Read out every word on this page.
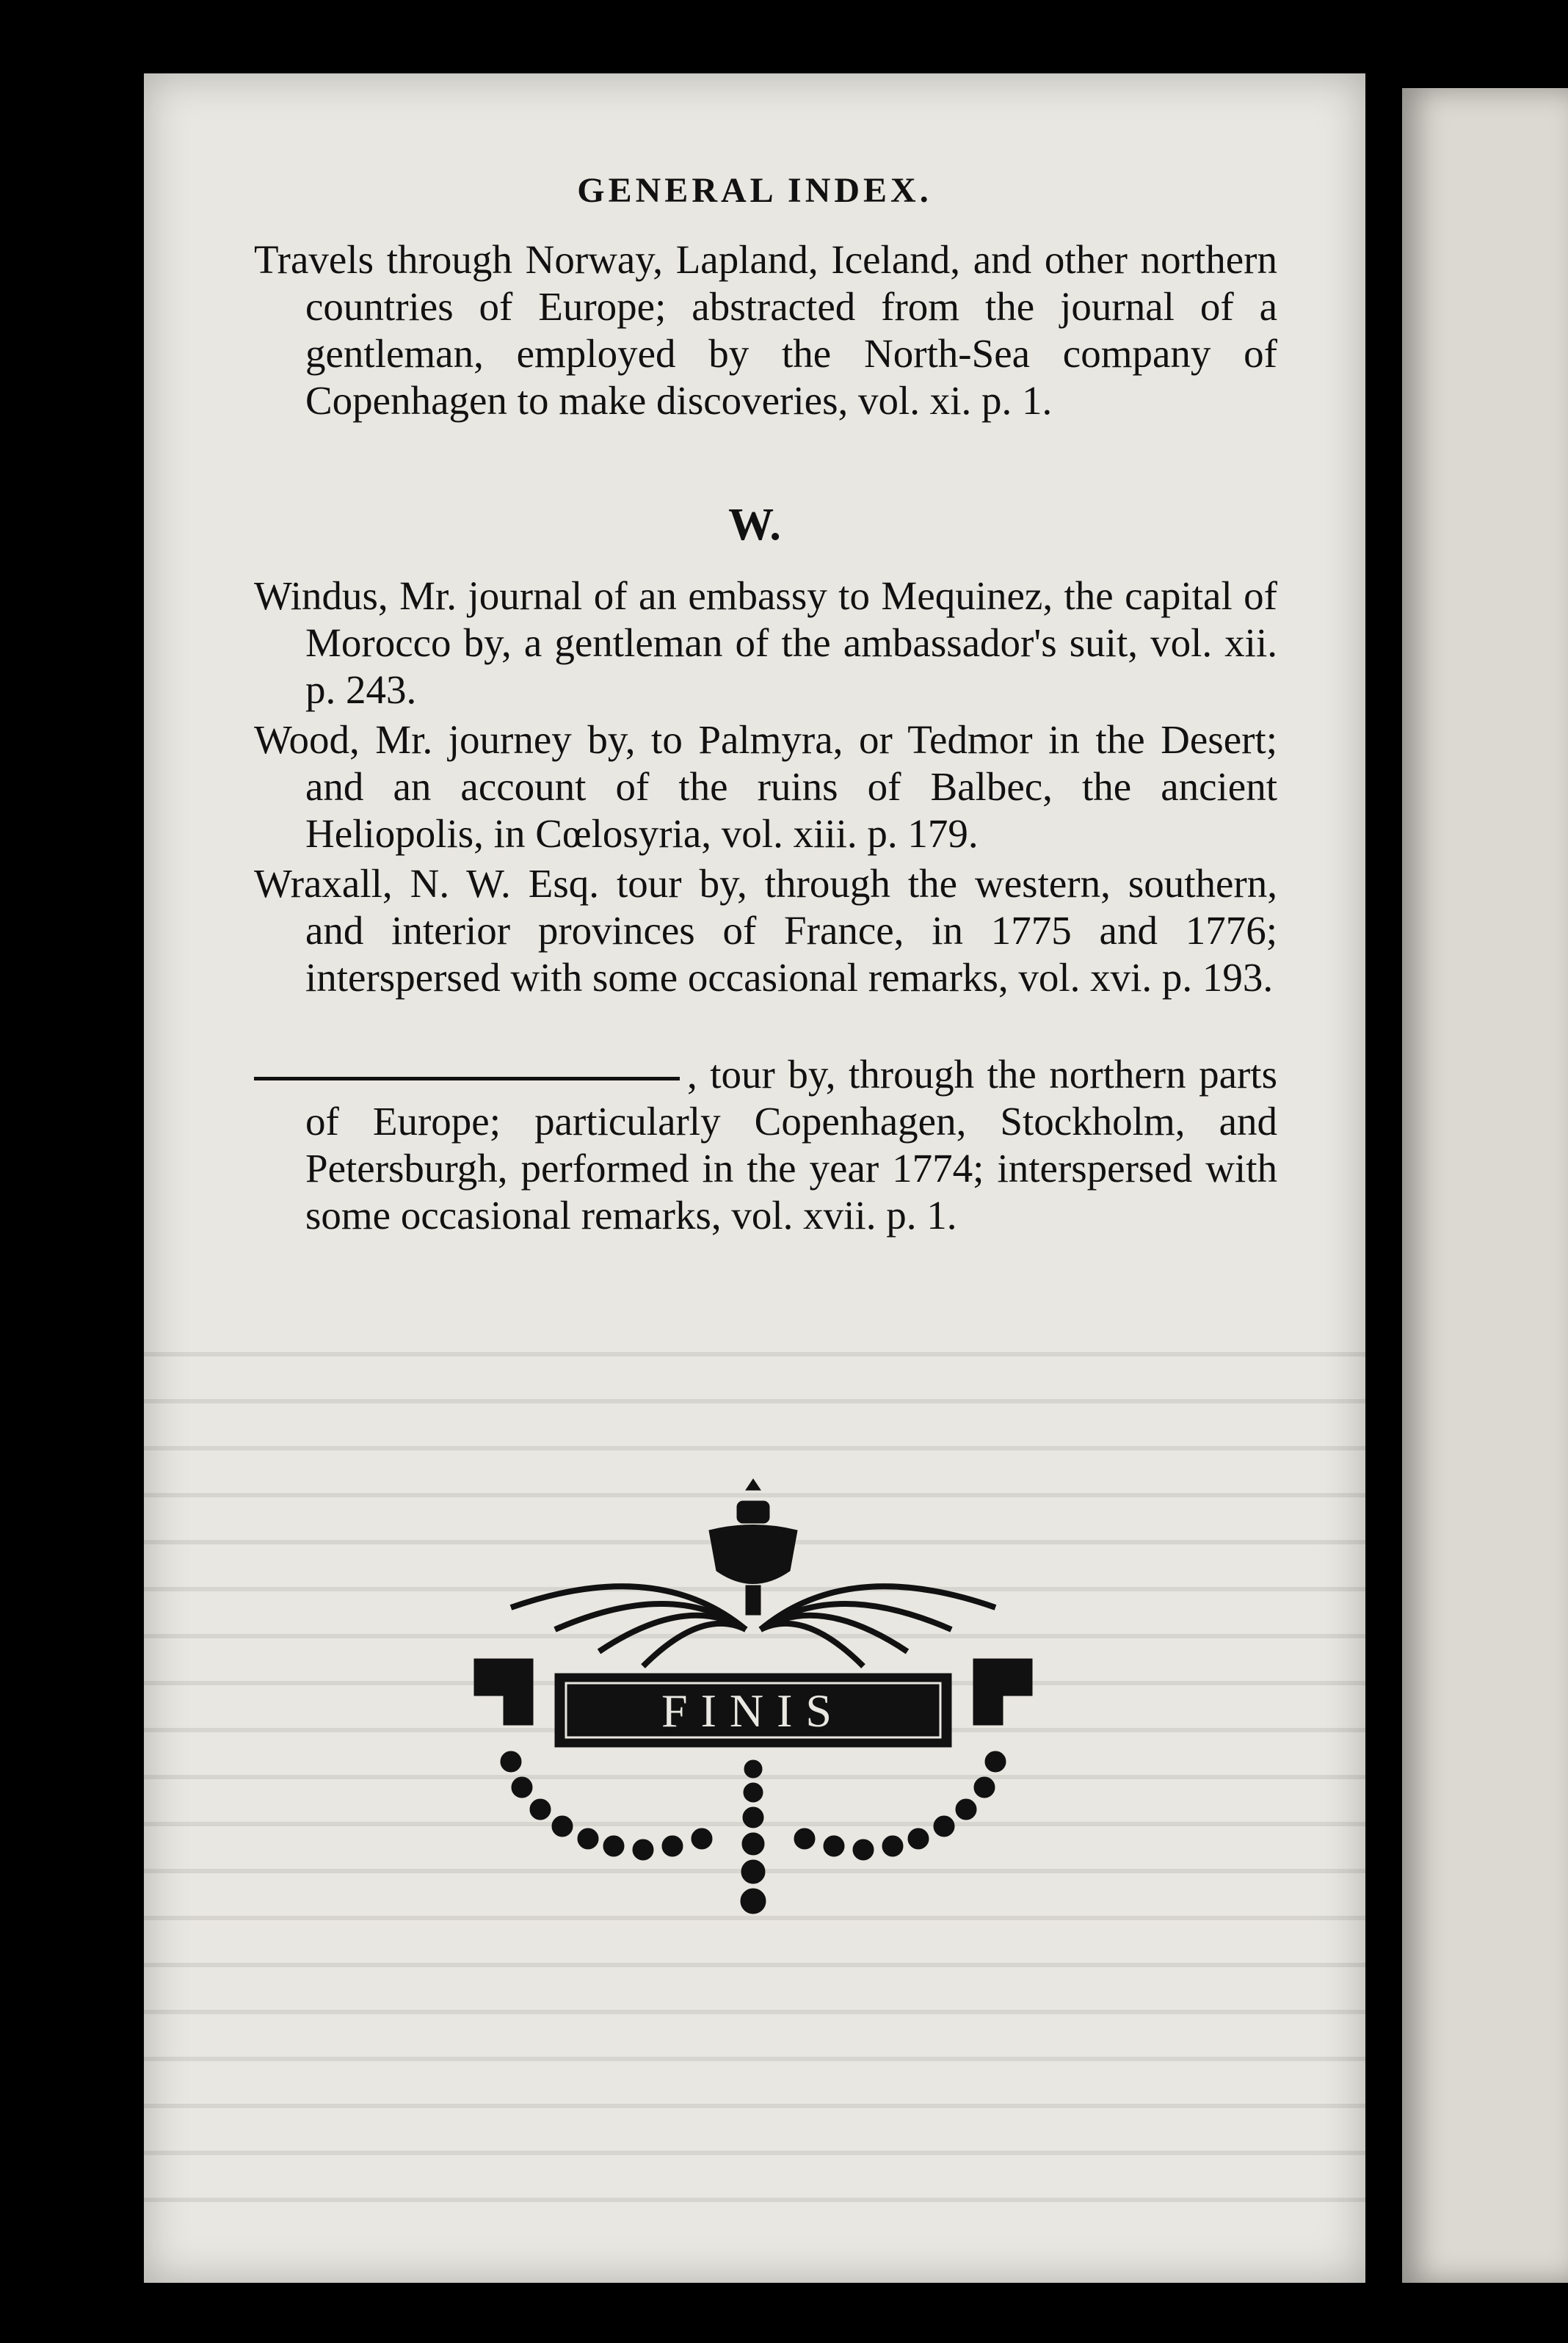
GENERAL INDEX.
Travels through Norway, Lapland, Iceland, and other northern countries of Europe; abstracted from the journal of a gentleman, employed by the North-Sea company of Copenhagen to make discoveries, vol. xi. p. 1.
W.
Windus, Mr. journal of an embassy to Mequinez, the capital of Morocco by, a gentleman of the ambassador's suit, vol. xii. p. 243.
Wood, Mr. journey by, to Palmyra, or Tedmor in the Desert; and an account of the ruins of Balbec, the ancient Heliopolis, in Cœlosyria, vol. xiii. p. 179.
Wraxall, N. W. Esq. tour by, through the western, southern, and interior provinces of France, in 1775 and 1776; interspersed with some occasional remarks, vol. xvi. p. 193.
, tour by, through the northern parts of Europe; particularly Copenhagen, Stockholm, and Petersburgh, performed in the year 1774; interspersed with some occasional remarks, vol. xvii. p. 1.
FINIS
